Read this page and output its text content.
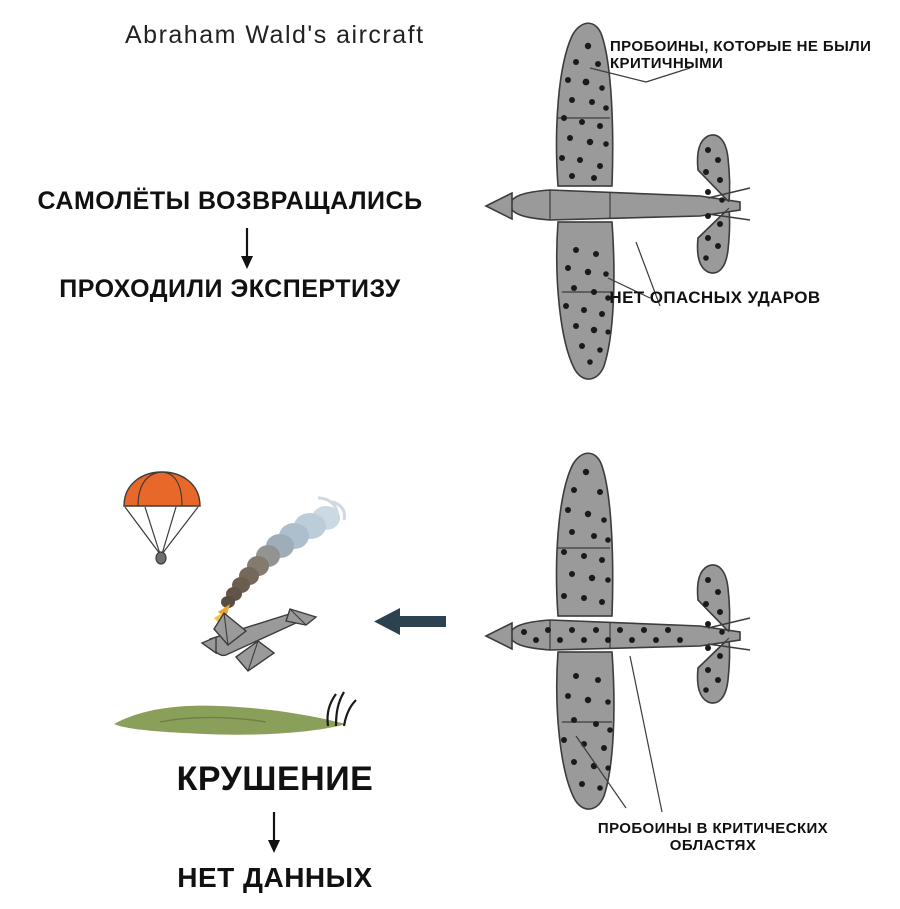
Abraham Wald's aircraft
САМОЛЁТЫ ВОЗВРАЩАЛИСЬ
ПРОХОДИЛИ ЭКСПЕРТИЗУ
ПРОБОИНЫ, КОТОРЫЕ НЕ БЫЛИ КРИТИЧНЫМИ
НЕТ ОПАСНЫХ УДАРОВ
ПРОБОИНЫ В КРИТИЧЕСКИХ ОБЛАСТЯХ
КРУШЕНИЕ
НЕТ ДАННЫХ
